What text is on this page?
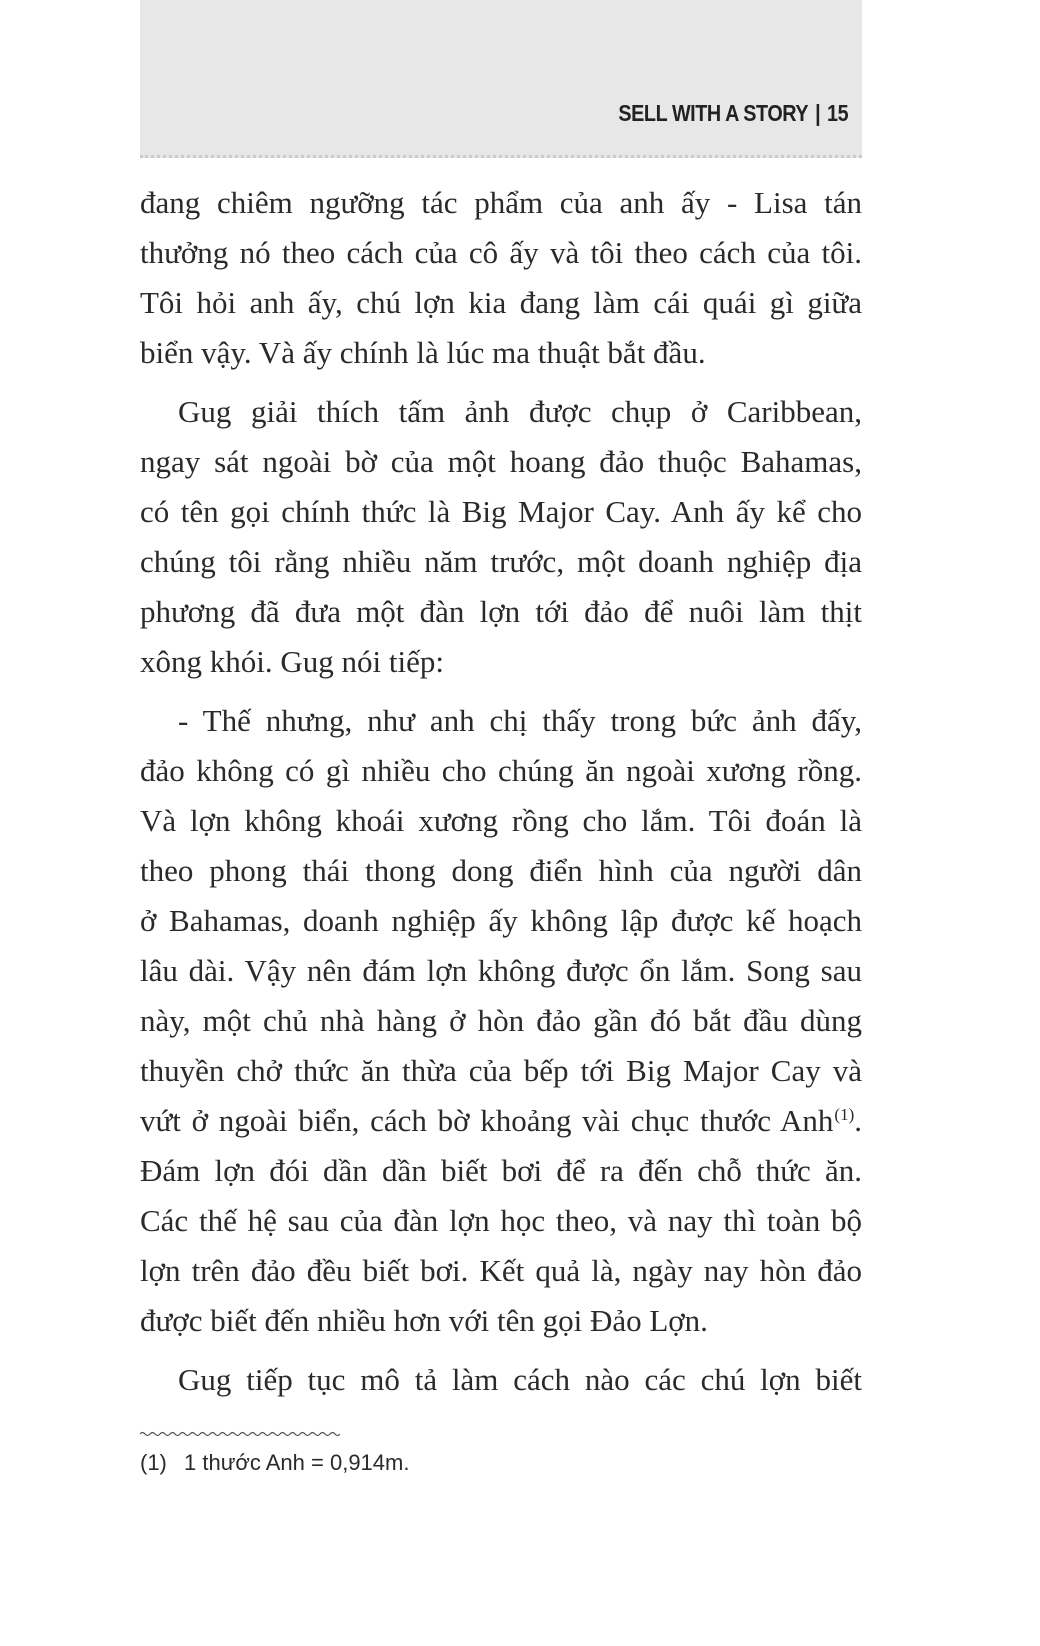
SELL WITH A STORY | 15
đang chiêm ngưỡng tác phẩm của anh ấy - Lisa tán
thưởng nó theo cách của cô ấy và tôi theo cách của tôi.
Tôi hỏi anh ấy, chú lợn kia đang làm cái quái gì giữa
biển vậy. Và ấy chính là lúc ma thuật bắt đầu.
Gug giải thích tấm ảnh được chụp ở Caribbean,
ngay sát ngoài bờ của một hoang đảo thuộc Bahamas,
có tên gọi chính thức là Big Major Cay. Anh ấy kể cho
chúng tôi rằng nhiều năm trước, một doanh nghiệp địa
phương đã đưa một đàn lợn tới đảo để nuôi làm thịt
xông khói. Gug nói tiếp:
- Thế nhưng, như anh chị thấy trong bức ảnh đấy,
đảo không có gì nhiều cho chúng ăn ngoài xương rồng.
Và lợn không khoái xương rồng cho lắm. Tôi đoán là
theo phong thái thong dong điển hình của người dân
ở Bahamas, doanh nghiệp ấy không lập được kế hoạch
lâu dài. Vậy nên đám lợn không được ổn lắm. Song sau
này, một chủ nhà hàng ở hòn đảo gần đó bắt đầu dùng
thuyền chở thức ăn thừa của bếp tới Big Major Cay và
vứt ở ngoài biển, cách bờ khoảng vài chục thước Anh$^{(1)}$.
Đám lợn đói dần dần biết bơi để ra đến chỗ thức ăn.
Các thế hệ sau của đàn lợn học theo, và nay thì toàn bộ
lợn trên đảo đều biết bơi. Kết quả là, ngày nay hòn đảo
được biết đến nhiều hơn với tên gọi Đảo Lợn.
Gug tiếp tục mô tả làm cách nào các chú lợn biết
(1) 1 thước Anh = 0,914m.
